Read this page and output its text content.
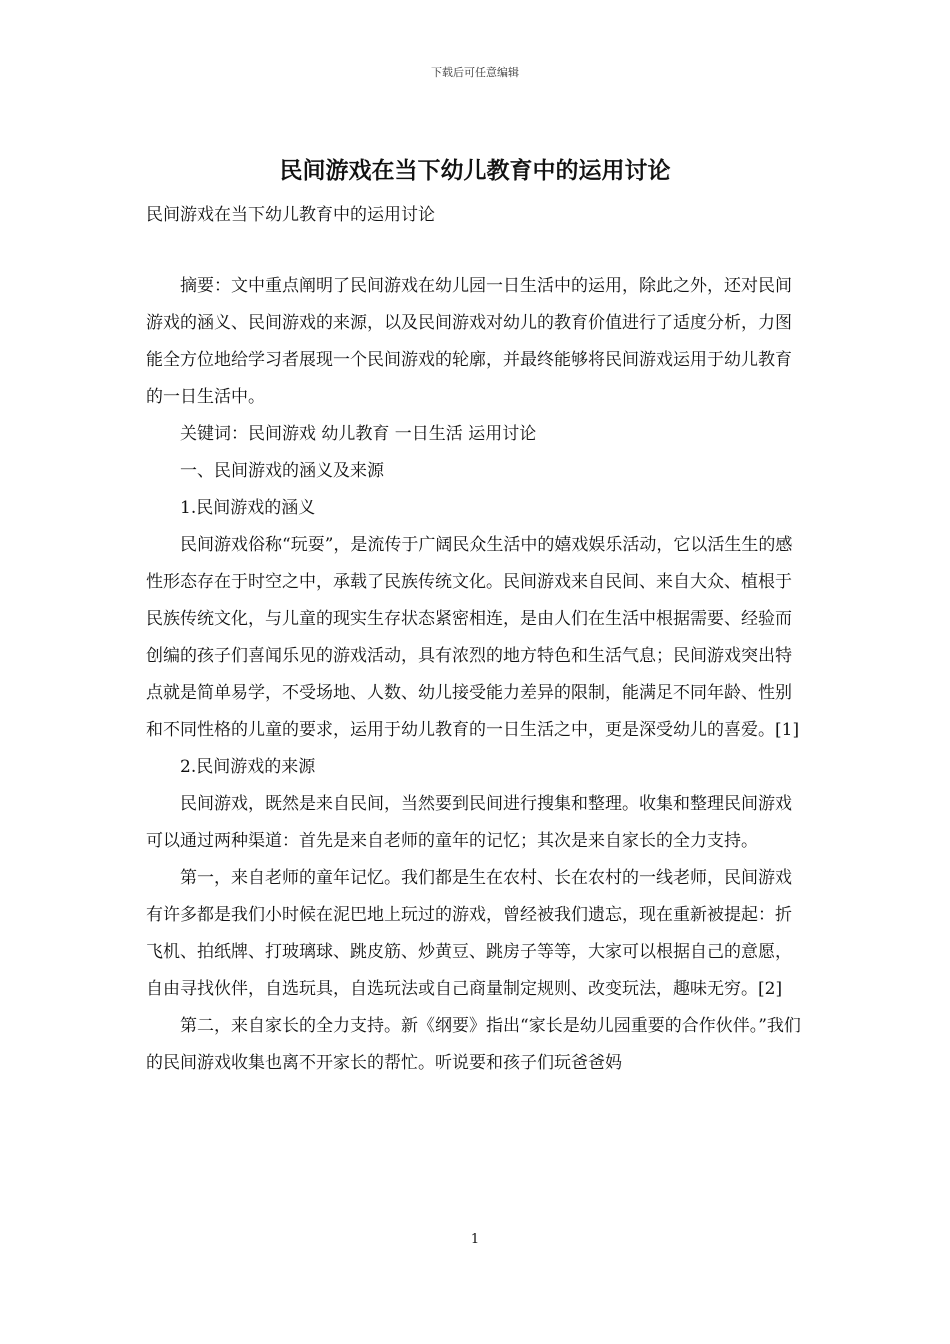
下载后可任意编辑
民间游戏在当下幼儿教育中的运用讨论
民间游戏在当下幼儿教育中的运用讨论

摘要：文中重点阐明了民间游戏在幼儿园一日生活中的运用，除此之外，还对民间游戏的涵义、民间游戏的来源，以及民间游戏对幼儿的教育价值进行了适度分析，力图能全方位地给学习者展现一个民间游戏的轮廓，并最终能够将民间游戏运用于幼儿教育的一日生活中。

关键词：民间游戏 幼儿教育 一日生活 运用讨论

一、民间游戏的涵义及来源

1.民间游戏的涵义

民间游戏俗称“玩耍”，是流传于广阔民众生活中的嬉戏娱乐活动，它以活生生的感性形态存在于时空之中，承载了民族传统文化。民间游戏来自民间、来自大众、植根于民族传统文化，与儿童的现实生存状态紧密相连，是由人们在生活中根据需要、经验而创编的孩子们喜闻乐见的游戏活动，具有浓烈的地方特色和生活气息；民间游戏突出特点就是简单易学，不受场地、人数、幼儿接受能力差异的限制，能满足不同年龄、性别和不同性格的儿童的要求，运用于幼儿教育的一日生活之中，更是深受幼儿的喜爱。[1]

2.民间游戏的来源

民间游戏，既然是来自民间，当然要到民间进行搜集和整理。收集和整理民间游戏可以通过两种渠道：首先是来自老师的童年的记忆；其次是来自家长的全力支持。

第一，来自老师的童年记忆。我们都是生在农村、长在农村的一线老师，民间游戏有许多都是我们小时候在泥巴地上玩过的游戏，曾经被我们遗忘，现在重新被提起：折飞机、拍纸牌、打玻璃球、跳皮筋、炒黄豆、跳房子等等，大家可以根据自己的意愿，自由寻找伙伴，自选玩具，自选玩法或自己商量制定规则、改变玩法，趣味无穷。[2]

第二，来自家长的全力支持。新《纲要》指出“家长是幼儿园重要的合作伙伴。”我们的民间游戏收集也离不开家长的帮忙。听说要和孩子们玩爸爸妈

1
